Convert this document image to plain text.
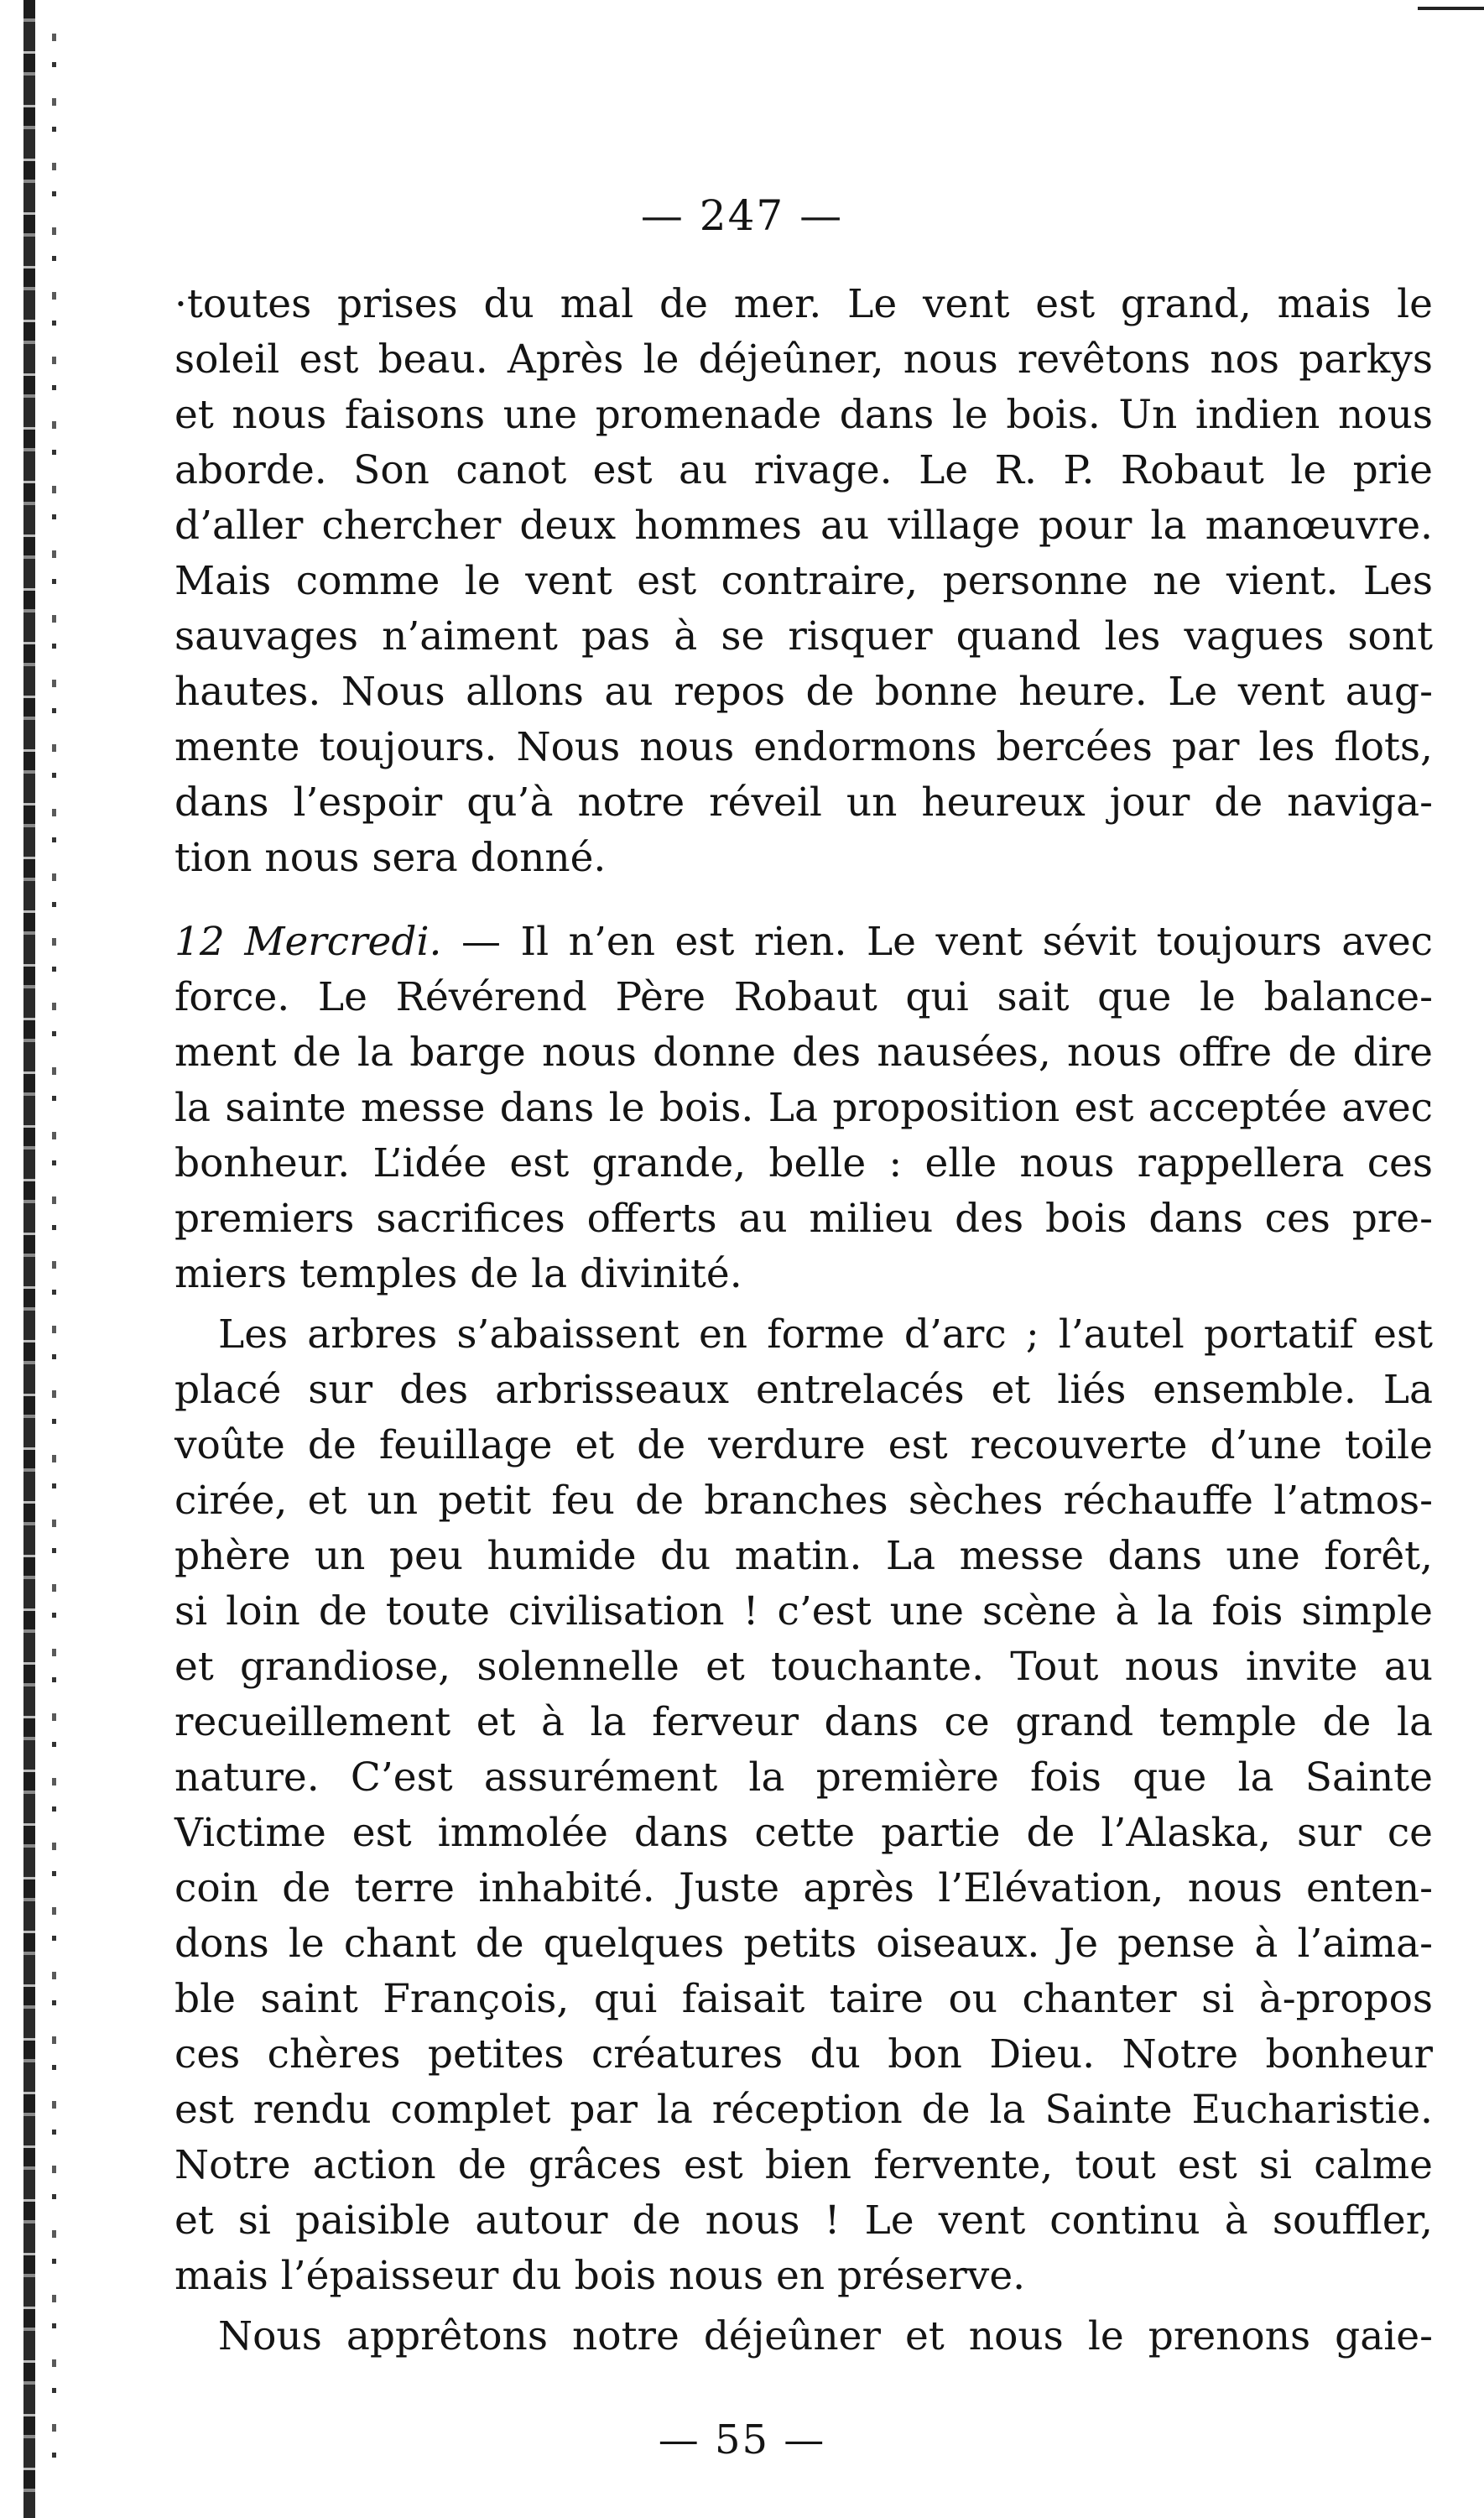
— 247 —
·toutes prises du mal de mer. Le vent est grand, mais le
soleil est beau. Après le déjeûner, nous revêtons nos parkys
et nous faisons une promenade dans le bois. Un indien nous
aborde. Son canot est au rivage. Le R. P. Robaut le prie
d’aller chercher deux hommes au village pour la manœuvre.
Mais comme le vent est contraire, personne ne vient. Les
sauvages n’aiment pas à se risquer quand les vagues sont
hautes. Nous allons au repos de bonne heure. Le vent aug-
mente toujours. Nous nous endormons bercées par les flots,
dans l’espoir qu’à notre réveil un heureux jour de naviga-
tion nous sera donné.
12 Mercredi. — Il n’en est rien. Le vent sévit toujours avec
force. Le Révérend Père Robaut qui sait que le balance-
ment de la barge nous donne des nausées, nous offre de dire
la sainte messe dans le bois. La proposition est acceptée avec
bonheur. L’idée est grande, belle : elle nous rappellera ces
premiers sacrifices offerts au milieu des bois dans ces pre-
miers temples de la divinité.
Les arbres s’abaissent en forme d’arc ; l’autel portatif est
placé sur des arbrisseaux entrelacés et liés ensemble. La
voûte de feuillage et de verdure est recouverte d’une toile
cirée, et un petit feu de branches sèches réchauffe l’atmos-
phère un peu humide du matin. La messe dans une forêt,
si loin de toute civilisation ! c’est une scène à la fois simple
et grandiose, solennelle et touchante. Tout nous invite au
recueillement et à la ferveur dans ce grand temple de la
nature. C’est assurément la première fois que la Sainte
Victime est immolée dans cette partie de l’Alaska, sur ce
coin de terre inhabité. Juste après l’Elévation, nous enten-
dons le chant de quelques petits oiseaux. Je pense à l’aima-
ble saint François, qui faisait taire ou chanter si à-propos
ces chères petites créatures du bon Dieu. Notre bonheur
est rendu complet par la réception de la Sainte Eucharistie.
Notre action de grâces est bien fervente, tout est si calme
et si paisible autour de nous ! Le vent continu à souffler,
mais l’épaisseur du bois nous en préserve.
Nous apprêtons notre déjeûner et nous le prenons gaie-
— 55 —
